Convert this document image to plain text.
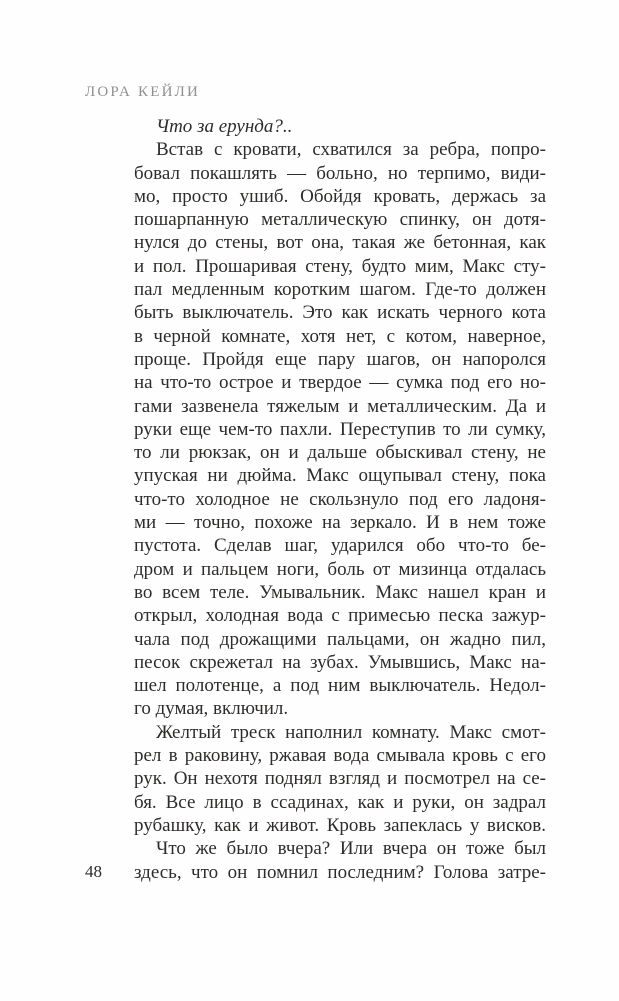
ЛОРА КЕЙЛИ
Что за ерунда?..
Встав с кровати, схватился за ребра, попро-
бовал покашлять — больно, но терпимо, види-
мо, просто ушиб. Обойдя кровать, держась за
пошарпанную металлическую спинку, он дотя-
нулся до стены, вот она, такая же бетонная, как
и пол. Прошаривая стену, будто мим, Макс сту-
пал медленным коротким шагом. Где-то должен
быть выключатель. Это как искать черного кота
в черной комнате, хотя нет, с котом, наверное,
проще. Пройдя еще пару шагов, он напоролся
на что-то острое и твердое — сумка под его но-
гами зазвенела тяжелым и металлическим. Да и
руки еще чем-то пахли. Переступив то ли сумку,
то ли рюкзак, он и дальше обыскивал стену, не
упуская ни дюйма. Макс ощупывал стену, пока
что-то холодное не скользнуло под его ладоня-
ми — точно, похоже на зеркало. И в нем тоже
пустота. Сделав шаг, ударился обо что-то бе-
дром и пальцем ноги, боль от мизинца отдалась
во всем теле. Умывальник. Макс нашел кран и
открыл, холодная вода с примесью песка зажур-
чала под дрожащими пальцами, он жадно пил,
песок скрежетал на зубах. Умывшись, Макс на-
шел полотенце, а под ним выключатель. Недол-
го думая, включил.
Желтый треск наполнил комнату. Макс смот-
рел в раковину, ржавая вода смывала кровь с его
рук. Он нехотя поднял взгляд и посмотрел на се-
бя. Все лицо в ссадинах, как и руки, он задрал
рубашку, как и живот. Кровь запеклась у висков.
Что же было вчера? Или вчера он тоже был
здесь, что он помнил последним? Голова затре-
48
